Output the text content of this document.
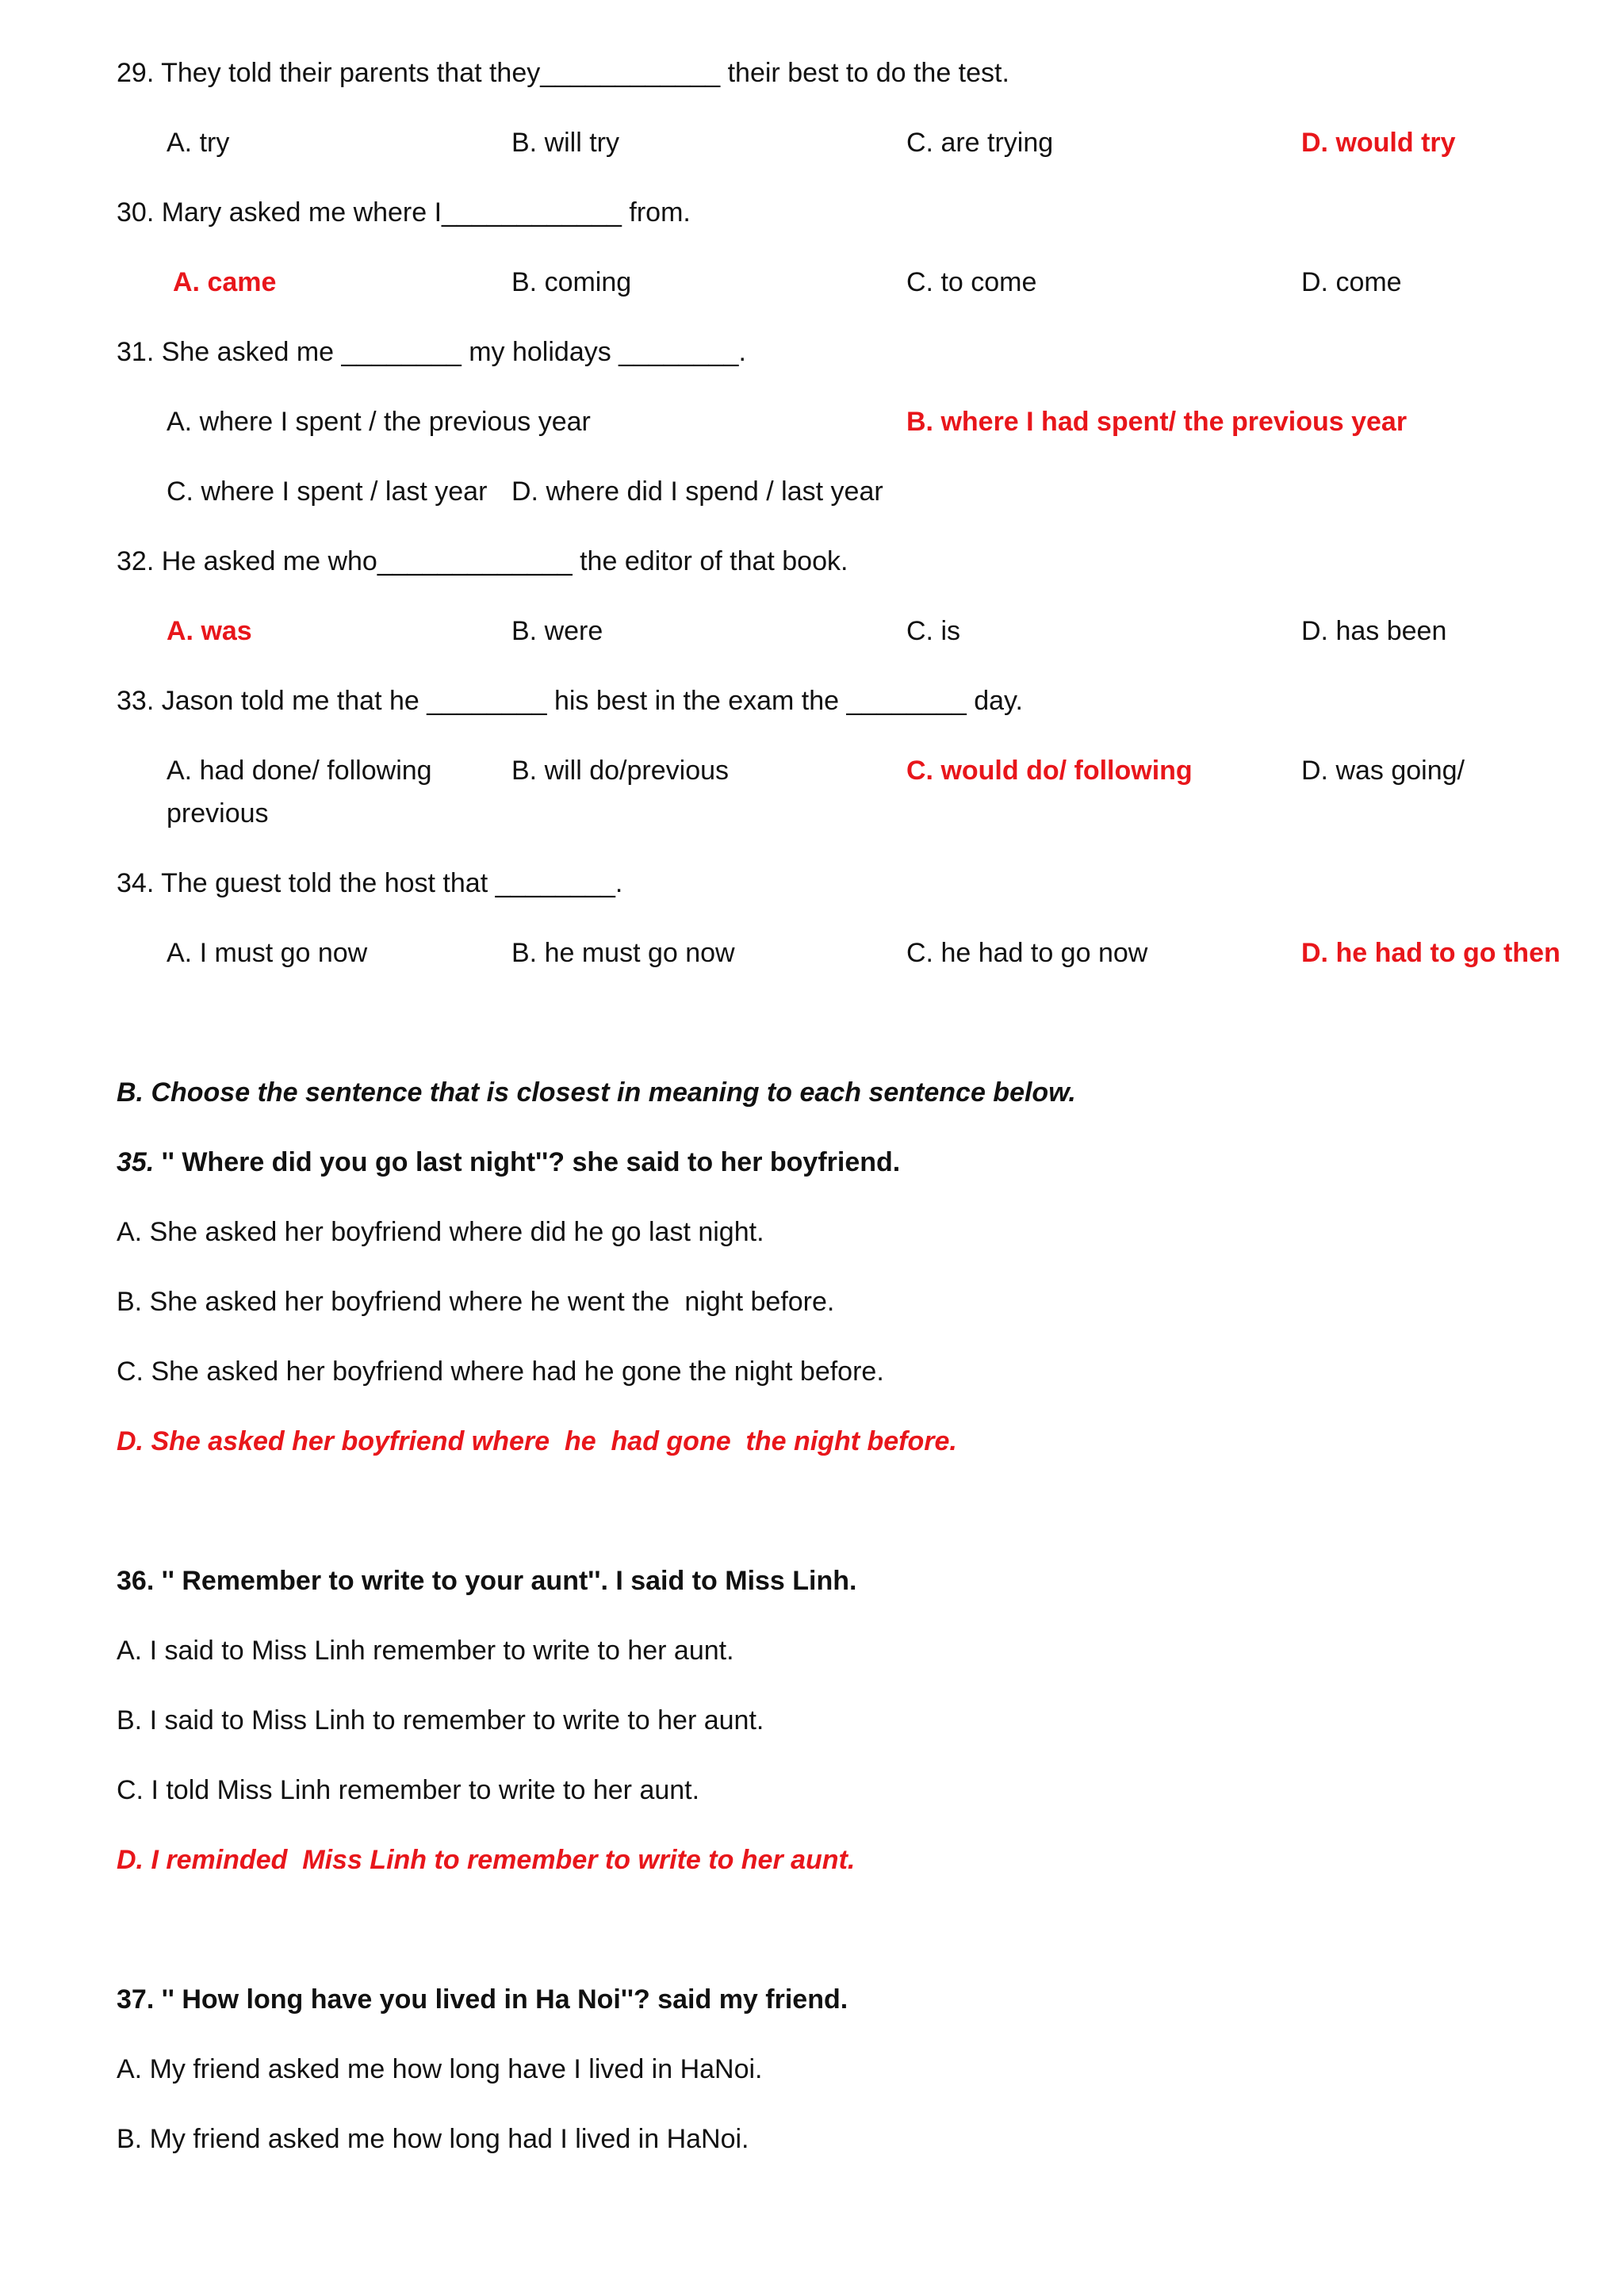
29. They told their parents that they____________ their best to do the test.
A. try	B. will try	C. are trying	D. would try
30. Mary asked me where I____________ from.
A. came	B. coming	C. to come	D. come
31. She asked me ________ my holidays ________.
A. where I spent / the previous year	B. where I had spent/ the previous year
C. where I spent / last year D. where did I spend / last year
32. He asked me who_____________ the editor of that book.
A. was	B. were	C. is	D. has been
33. Jason told me that he ________ his best in the exam the ________ day.
A. had done/ following	B. will do/previous	C. would do/ following	D. was going/
previous
34. The guest told the host that ________.
A. I must go now	B. he must go now	C. he had to go now	D. he had to go then
B. Choose the sentence that is closest in meaning to each sentence below.
35. '' Where did you go last night''? she said to her boyfriend.
A. She asked her boyfriend where did he go last night.
B. She asked her boyfriend where he went the  night before.
C. She asked her boyfriend where had he gone the night before.
D. She asked her boyfriend where  he  had gone  the night before.
36. '' Remember to write to your aunt''. I said to Miss Linh.
A. I said to Miss Linh remember to write to her aunt.
B. I said to Miss Linh to remember to write to her aunt.
C. I told Miss Linh remember to write to her aunt.
D. I reminded  Miss Linh to remember to write to her aunt.
37. '' How long have you lived in Ha Noi''? said my friend.
A. My friend asked me how long have I lived in HaNoi.
B. My friend asked me how long had I lived in HaNoi.
